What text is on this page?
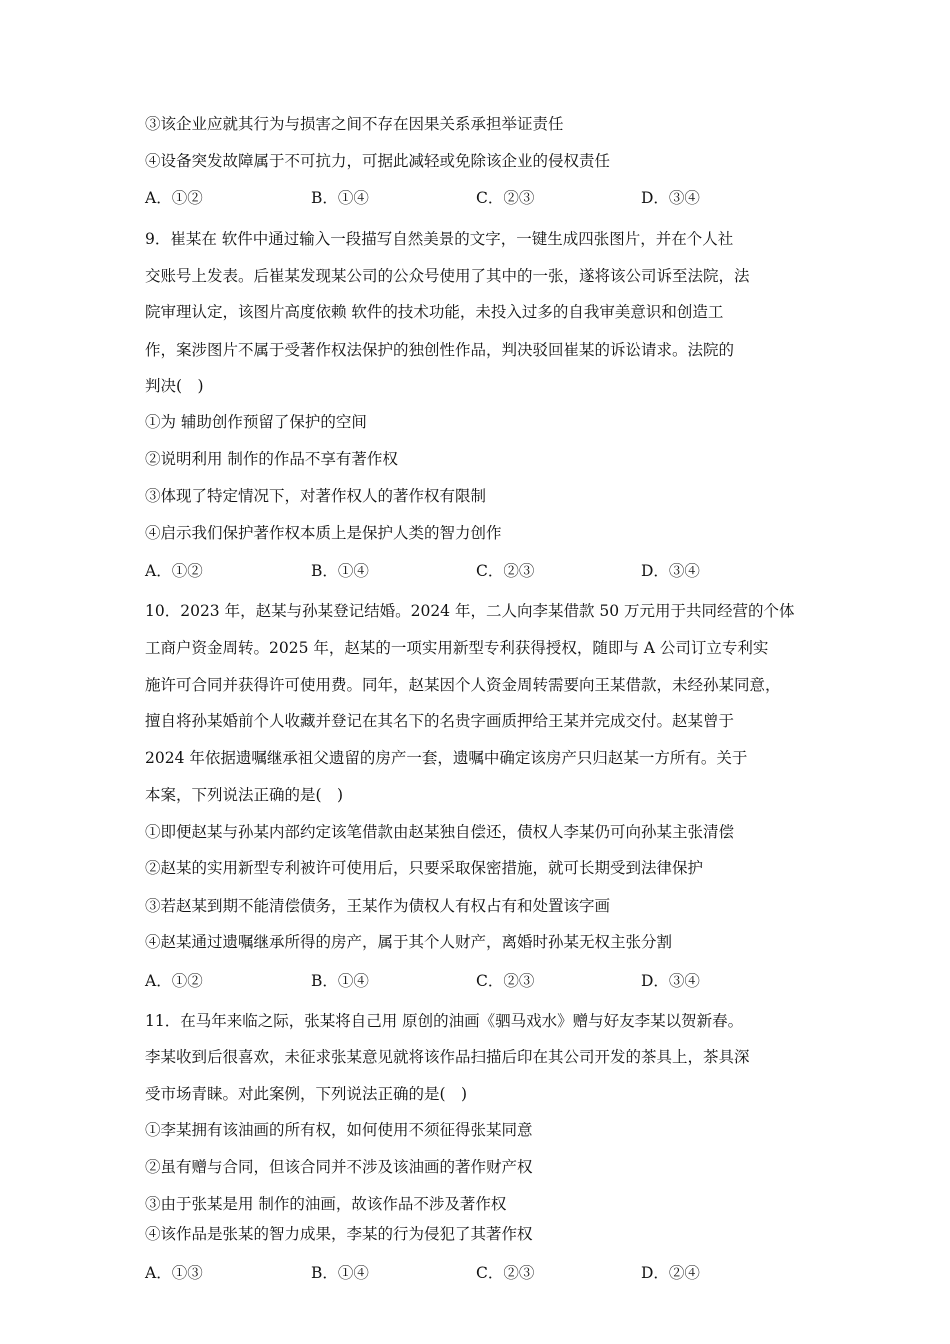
③该企业应就其行为与损害之间不存在因果关系承担举证责任
④设备突发故障属于不可抗力，可据此减轻或免除该企业的侵权责任
A．①②	B．①④	C．②③	D．③④
9．崔某在 软件中通过输入一段描写自然美景的文字，一键生成四张图片，并在个人社
交账号上发表。后崔某发现某公司的公众号使用了其中的一张，遂将该公司诉至法院，法
院审理认定，该图片高度依赖 软件的技术功能，未投入过多的自我审美意识和创造工
作，案涉图片不属于受著作权法保护的独创性作品，判决驳回崔某的诉讼请求。法院的
判决(　)
①为 辅助创作预留了保护的空间
②说明利用 制作的作品不享有著作权
③体现了特定情况下，对著作权人的著作权有限制
④启示我们保护著作权本质上是保护人类的智力创作
A．①②	B．①④	C．②③	D．③④
10．2023 年，赵某与孙某登记结婚。2024 年，二人向李某借款 50 万元用于共同经营的个体
工商户资金周转。2025 年，赵某的一项实用新型专利获得授权，随即与 A 公司订立专利实
施许可合同并获得许可使用费。同年，赵某因个人资金周转需要向王某借款，未经孙某同意，
擅自将孙某婚前个人收藏并登记在其名下的名贵字画质押给王某并完成交付。赵某曾于
2024 年依据遗嘱继承祖父遗留的房产一套，遗嘱中确定该房产只归赵某一方所有。关于
本案，下列说法正确的是(　)
①即便赵某与孙某内部约定该笔借款由赵某独自偿还，债权人李某仍可向孙某主张清偿
②赵某的实用新型专利被许可使用后，只要采取保密措施，就可长期受到法律保护
③若赵某到期不能清偿债务，王某作为债权人有权占有和处置该字画
④赵某通过遗嘱继承所得的房产，属于其个人财产，离婚时孙某无权主张分割
A．①②	B．①④	C．②③	D．③④
11．在马年来临之际，张某将自己用 原创的油画《驷马戏水》赠与好友李某以贺新春。
李某收到后很喜欢，未征求张某意见就将该作品扫描后印在其公司开发的茶具上，茶具深
受市场青睐。对此案例，下列说法正确的是(　)
①李某拥有该油画的所有权，如何使用不须征得张某同意
②虽有赠与合同，但该合同并不涉及该油画的著作财产权
③由于张某是用 制作的油画，故该作品不涉及著作权
④该作品是张某的智力成果，李某的行为侵犯了其著作权
A．①③	B．①④	C．②③	D．②④
